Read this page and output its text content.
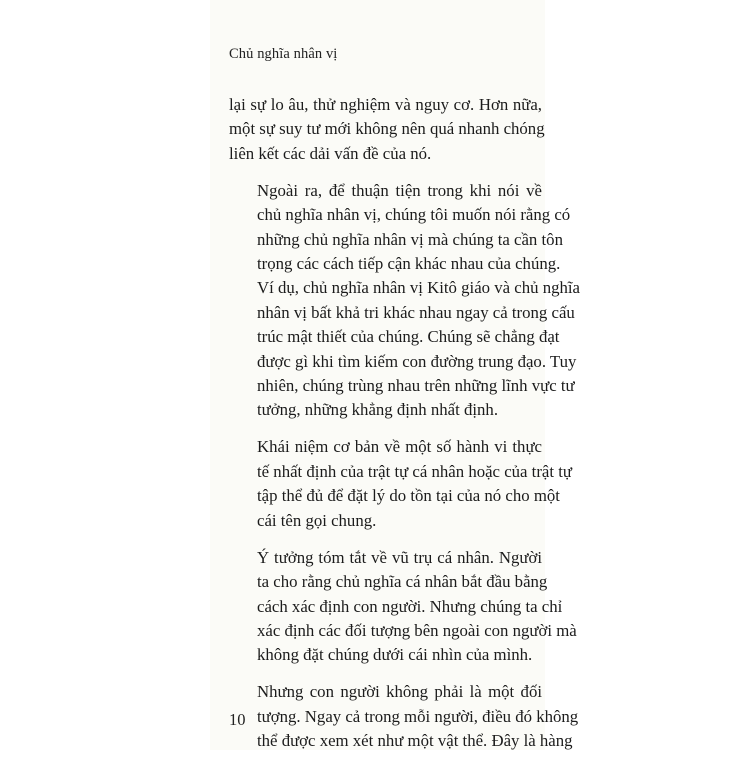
Chủ nghĩa nhân vị

lại sự lo âu, thử nghiệm và nguy cơ. Hơn nữa,
một sự suy tư mới không nên quá nhanh chóng
liên kết các dải vấn đề của nó.

Ngoài ra, để thuận tiện trong khi nói về
chủ nghĩa nhân vị, chúng tôi muốn nói rằng có
những chủ nghĩa nhân vị mà chúng ta cần tôn
trọng các cách tiếp cận khác nhau của chúng.
Ví dụ, chủ nghĩa nhân vị Kitô giáo và chủ nghĩa
nhân vị bất khả tri khác nhau ngay cả trong cấu
trúc mật thiết của chúng. Chúng sẽ chẳng đạt
được gì khi tìm kiếm con đường trung đạo. Tuy
nhiên, chúng trùng nhau trên những lĩnh vực tư
tưởng, những khẳng định nhất định.

Khái niệm cơ bản về một số hành vi thực
tế nhất định của trật tự cá nhân hoặc của trật tự
tập thể đủ để đặt lý do tồn tại của nó cho một
cái tên gọi chung.

Ý tưởng tóm tắt về vũ trụ cá nhân. Người
ta cho rằng chủ nghĩa cá nhân bắt đầu bằng
cách xác định con người. Nhưng chúng ta chỉ
xác định các đối tượng bên ngoài con người mà
không đặt chúng dưới cái nhìn của mình.

Nhưng con người không phải là một đối
tượng. Ngay cả trong mỗi người, điều đó không
thể được xem xét như một vật thể. Đây là hàng

10
